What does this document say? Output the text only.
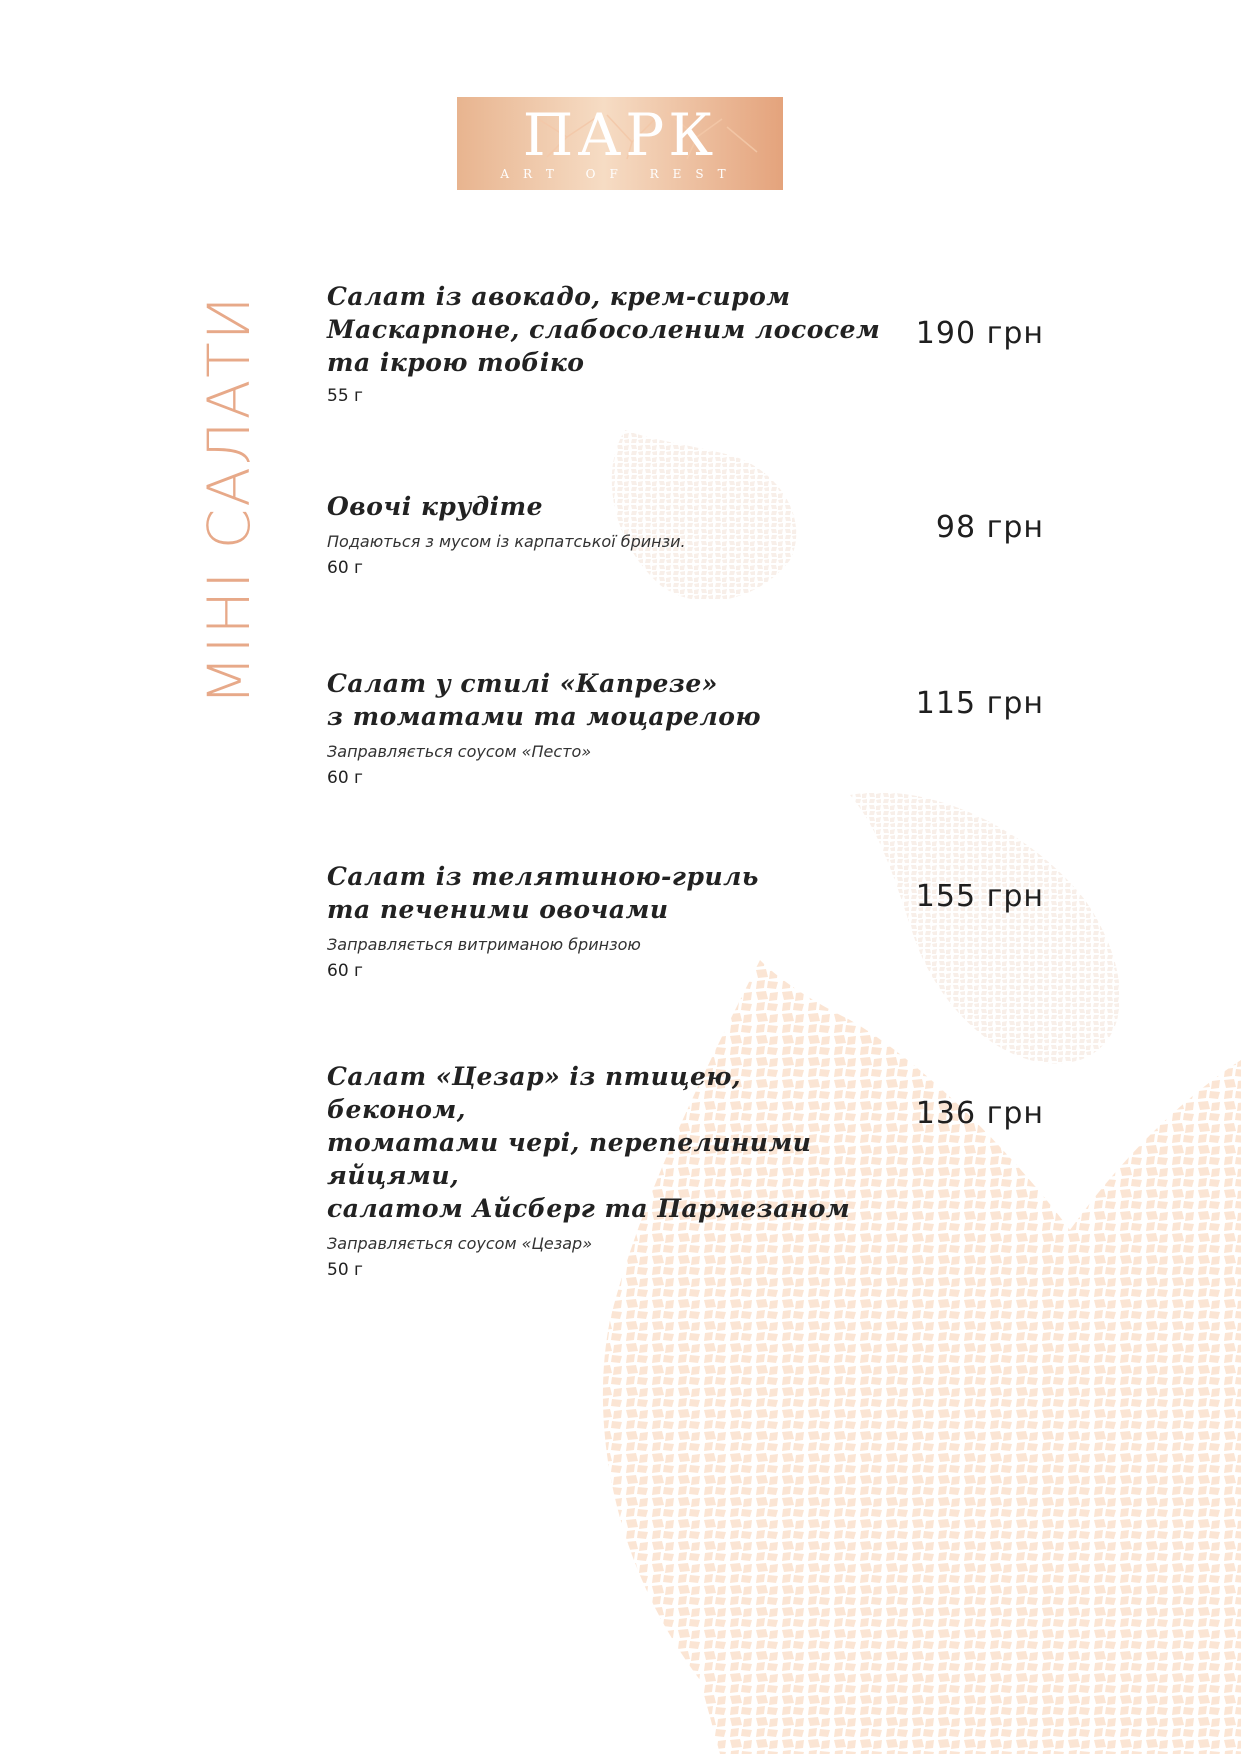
ПАРК
ART OF REST
МІНІ САЛАТИ	Салат із авокадо, крем-сиром
Маскарпоне, слабосоленим лососем
та ікрою тобіко
55 г
190 грн
Овочі крудіте
Подаються з мусом із карпатської бринзи.
60 г
98 грн
Салат у стилі «Капрезе»
з томатами та моцарелою
Заправляється соусом «Песто»
60 г
115 грн
Салат із телятиною-гриль
та печеними овочами
Заправляється витриманою бринзою
60 г
155 грн
Салат «Цезар» із птицею, беконом,
томатами чері, перепелиними яйцями,
салатом Айсберг та Пармезаном
Заправляється соусом «Цезар»
50 г
136 грн
